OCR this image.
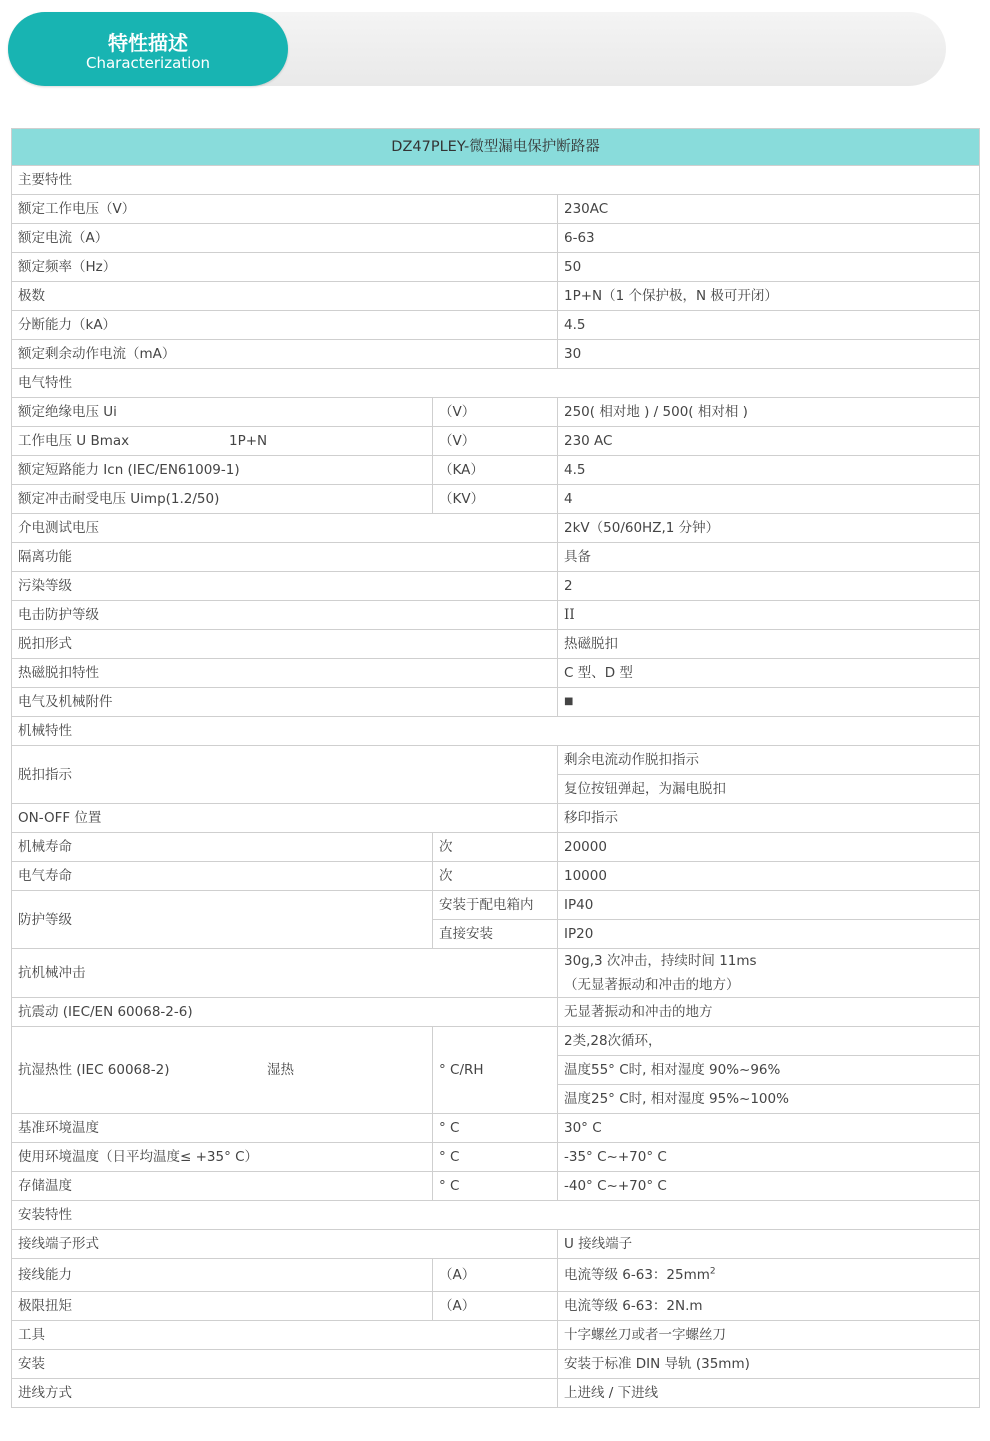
特性描述
Characterization
DZ47PLEY-微型漏电保护断路器		
主要特性		
额定工作电压（V）		230AC
额定电流（A）		6-63
额定频率（Hz）		50
极数		1P+N（1 个保护极，N 极可开闭）
分断能力（kA）		4.5
额定剩余动作电流（mA）		30
电气特性		
额定绝缘电压 Ui	（V）	250( 相对地 ) / 500( 相对相 )
工作电压 U Bmax 1P+N	（V）	230 AC
额定短路能力 Icn (IEC/EN61009-1)	（KA）	4.5
额定冲击耐受电压 Uimp(1.2/50)	（KV）	4
介电测试电压		2kV（50/60HZ,1 分钟）
隔离功能		具备
污染等级		2
电击防护等级		II
脱扣形式		热磁脱扣
热磁脱扣特性		C 型、D 型
电气及机械附件		■
机械特性		
脱扣指示		剩余电流动作脱扣指示
		复位按钮弹起，为漏电脱扣
ON-OFF 位置		移印指示
机械寿命	次	20000
电气寿命	次	10000
防护等级	安装于配电箱内	IP40
	直接安装	IP20
抗机械冲击		30g,3 次冲击，持续时间 11ms
（无显著振动和冲击的地方）

抗震动 (IEC/EN 60068-2-6)		无显著振动和冲击的地方
抗湿热性 (IEC 60068-2) 湿热	° C/RH	2类,28次循环，
		温度55° C时, 相对湿度 90%~96%
		温度25° C时, 相对湿度 95%~100%
基准环境温度	° C	30° C
使用环境温度（日平均温度≤ +35° C）	° C	-35° C~+70° C
存储温度	° C	-40° C~+70° C
安装特性		
接线端子形式		U 接线端子
接线能力	（A）	电流等级 6-63：$25mm^2$
极限扭矩	（A）	电流等级 6-63：2N.m
工具		十字螺丝刀或者一字螺丝刀
安装		安装于标准 DIN 导轨 (35mm)
进线方式		上进线 / 下进线
